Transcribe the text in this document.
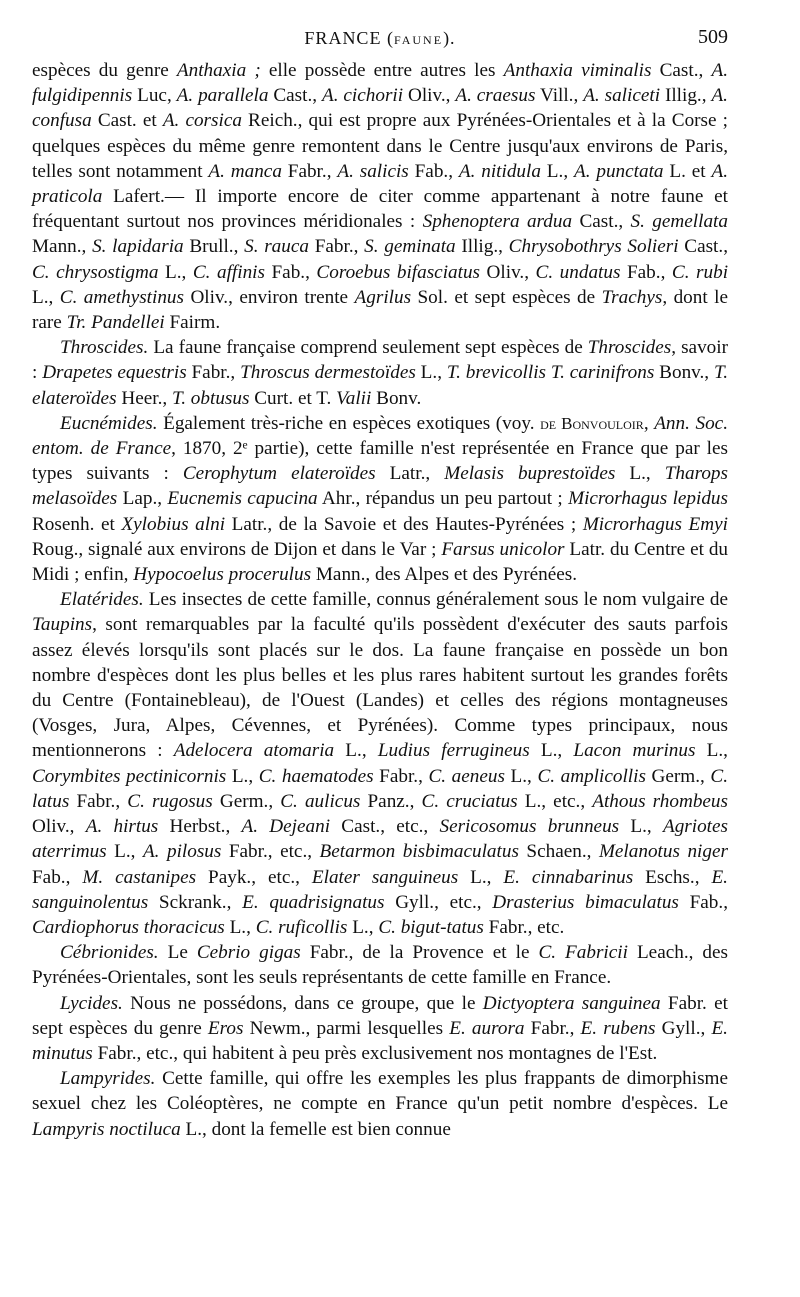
FRANCE (FAUNE).	509

espèces du genre Anthaxia ; elle possède entre autres les Anthaxia viminalis Cast., A. fulgidipennis Luc, A. parallela Cast., A. cichorii Oliv., A. craesus Vill., A. saliceti Illig., A. confusa Cast. et A. corsica Reich., qui est propre aux Pyrénées-Orientales et à la Corse ; quelques espèces du même genre remontent dans le Centre jusqu'aux environs de Paris, telles sont notamment A. manca Fabr., A. salicis Fab., A. nitidula L., A. punctata L. et A. praticola Lafert.— Il importe encore de citer comme appartenant à notre faune et fréquentant surtout nos provinces méridionales : Sphenoptera ardua Cast., S. gemellata Mann., S. lapidaria Brull., S. rauca Fabr., S. geminata Illig., Chrysobothrys Solieri Cast., C. chrysostigma L., C. affinis Fab., Coroebus bifasciatus Oliv., C. undatus Fab., C. rubi L., C. amethystinus Oliv., environ trente Agrilus Sol. et sept espèces de Trachys, dont le rare Tr. Pandellei Fairm.

Throscides. La faune française comprend seulement sept espèces de Throscides, savoir : Drapetes equestris Fabr., Throscus dermestoïdes L., T. brevicollis T. carinifrons Bonv., T. elateroïdes Heer., T. obtusus Curt. et T. Valii Bonv.

Eucnémides. Également très-riche en espèces exotiques (voy. de Bonvouloir, Ann. Soc. entom. de France, 1870, 2ᵉ partie), cette famille n'est représentée en France que par les types suivants : Cerophytum elateroïdes Latr., Melasis buprestoïdes L., Tharops melasoïdes Lap., Eucnemis capucina Ahr., répandus un peu partout ; Microrhagus lepidus Rosenh. et Xylobius alni Latr., de la Savoie et des Hautes-Pyrénées ; Microrhagus Emyi Roug., signalé aux environs de Dijon et dans le Var ; Farsus unicolor Latr. du Centre et du Midi ; enfin, Hypocoelus procerulus Mann., des Alpes et des Pyrénées.

Elatérides. Les insectes de cette famille, connus généralement sous le nom vulgaire de Taupins, sont remarquables par la faculté qu'ils possèdent d'exécuter des sauts parfois assez élevés lorsqu'ils sont placés sur le dos. La faune française en possède un bon nombre d'espèces dont les plus belles et les plus rares habitent surtout les grandes forêts du Centre (Fontainebleau), de l'Ouest (Landes) et celles des régions montagneuses (Vosges, Jura, Alpes, Cévennes, et Pyrénées). Comme types principaux, nous mentionnerons : Adelocera atomaria L., Ludius ferrugineus L., Lacon murinus L., Corymbites pectinicornis L., C. haematodes Fabr., C. aeneus L., C. amplicollis Germ., C. latus Fabr., C. rugosus Germ., C. aulicus Panz., C. cruciatus L., etc., Athous rhombeus Oliv., A. hirtus Herbst., A. Dejeani Cast., etc., Sericosomus brunneus L., Agriotes aterrimus L., A. pilosus Fabr., etc., Betarmon bisbimaculatus Schaen., Melanotus niger Fab., M. castanipes Payk., etc., Elater sanguineus L., E. cinnabarinus Eschs., E. sanguinolentus Sckrank., E. quadrisignatus Gyll., etc., Drasterius bimaculatus Fab., Cardiophorus thoracicus L., C. ruficollis L., C. bigut-tatus Fabr., etc.

Cébrionides. Le Cebrio gigas Fabr., de la Provence et le C. Fabricii Leach., des Pyrénées-Orientales, sont les seuls représentants de cette famille en France.

Lycides. Nous ne possédons, dans ce groupe, que le Dictyoptera sanguinea Fabr. et sept espèces du genre Eros Newm., parmi lesquelles E. aurora Fabr., E. rubens Gyll., E. minutus Fabr., etc., qui habitent à peu près exclusivement nos montagnes de l'Est.

Lampyrides. Cette famille, qui offre les exemples les plus frappants de dimorphisme sexuel chez les Coléoptères, ne compte en France qu'un petit nombre d'espèces. Le Lampyris noctiluca L., dont la femelle est bien connue
